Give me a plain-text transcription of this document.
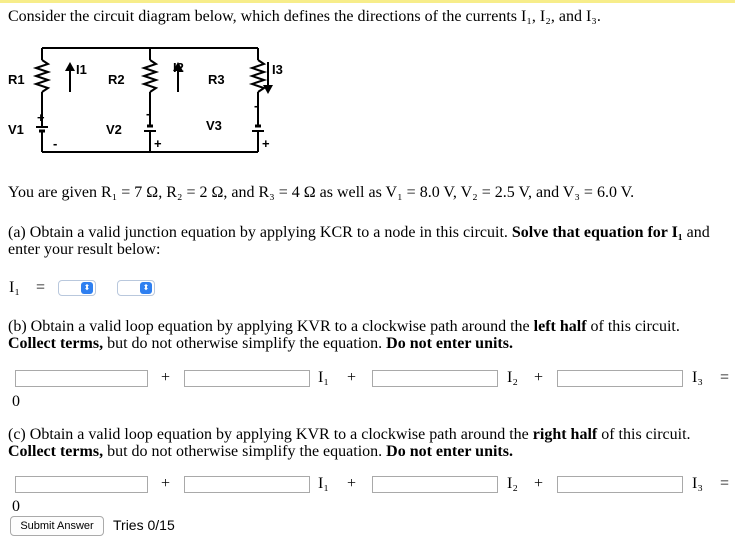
Consider the circuit diagram below, which defines the directions of the currents I₁, I₂, and I₃.
R1	R2	R3
V1	V2	V3
I1	I2	I3
+
-
-
+
-
+
You are given R₁ = 7 Ω, R₂ = 2 Ω, and R₃ = 4 Ω as well as V₁ = 8.0 V, V₂ = 2.5 V, and V₃ = 6.0 V.
(a) Obtain a valid junction equation by applying KCR to a node in this circuit. Solve that equation for I₁ and enter your result below:
I₁ =	⬍	⬍
(b) Obtain a valid loop equation by applying KVR to a clockwise path around the left half of this circuit. Collect terms, but do not otherwise simplify the equation. Do not enter units.
+	I₁ +	I₂ +	I₃ =
0
(c) Obtain a valid loop equation by applying KVR to a clockwise path around the right half of this circuit. Collect terms, but do not otherwise simplify the equation. Do not enter units.
+	I₁ +	I₂ +	I₃ =
0
Submit Answer	Tries 0/15
